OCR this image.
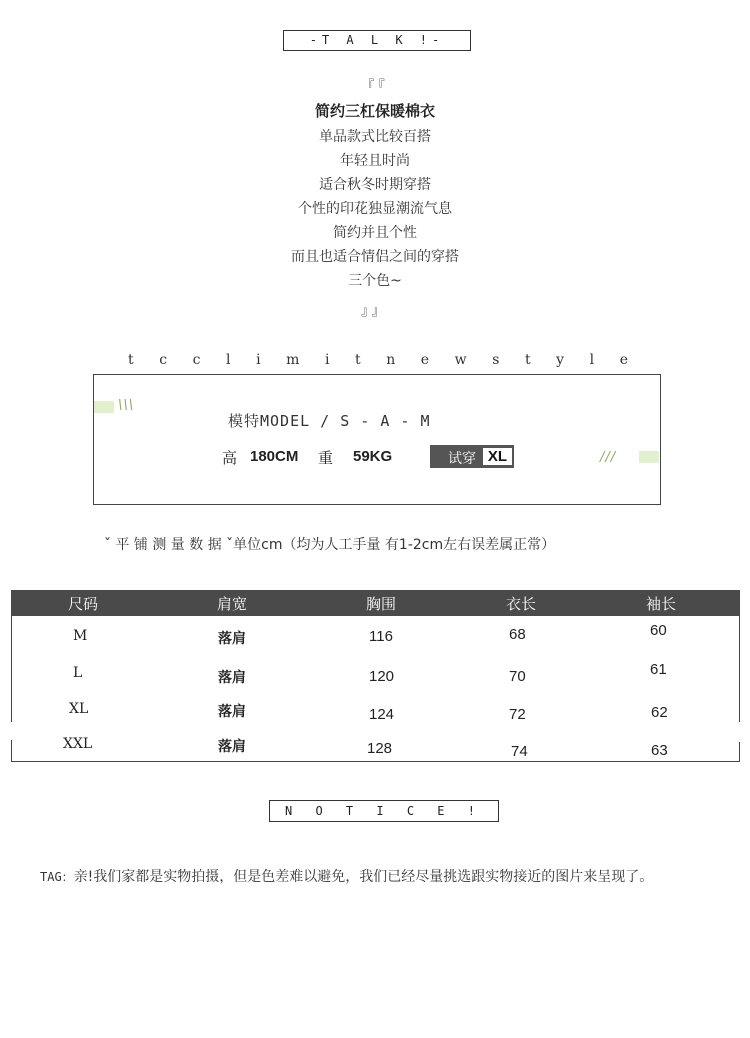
-T A L K !-
『『
简约三杠保暖棉衣
单品款式比较百搭
年轻且时尚
适合秋冬时期穿搭
个性的印花独显潮流气息
简约并且个性
而且也适合情侣之间的穿搭
三个色~
』』
t c c l i m i t n e w s t y l e
\\\
///
模特MODEL / S - A - M
高 180CM 重 59KG	试穿 XL
ˇ 平 铺 测 量 数 据 ˇ单位cm（均为人工手量 有1-2cm左右误差属正常）
尺码	肩宽	胸围	衣长	袖长
M	落肩	116	68	60
L	落肩	120	70	61
XL	落肩	124	72	62
XXL	落肩	128	74	63
N O T I C E !
TAG：亲!我们家都是实物拍摄，但是色差难以避免，我们已经尽量挑选跟实物接近的图片来呈现了。
